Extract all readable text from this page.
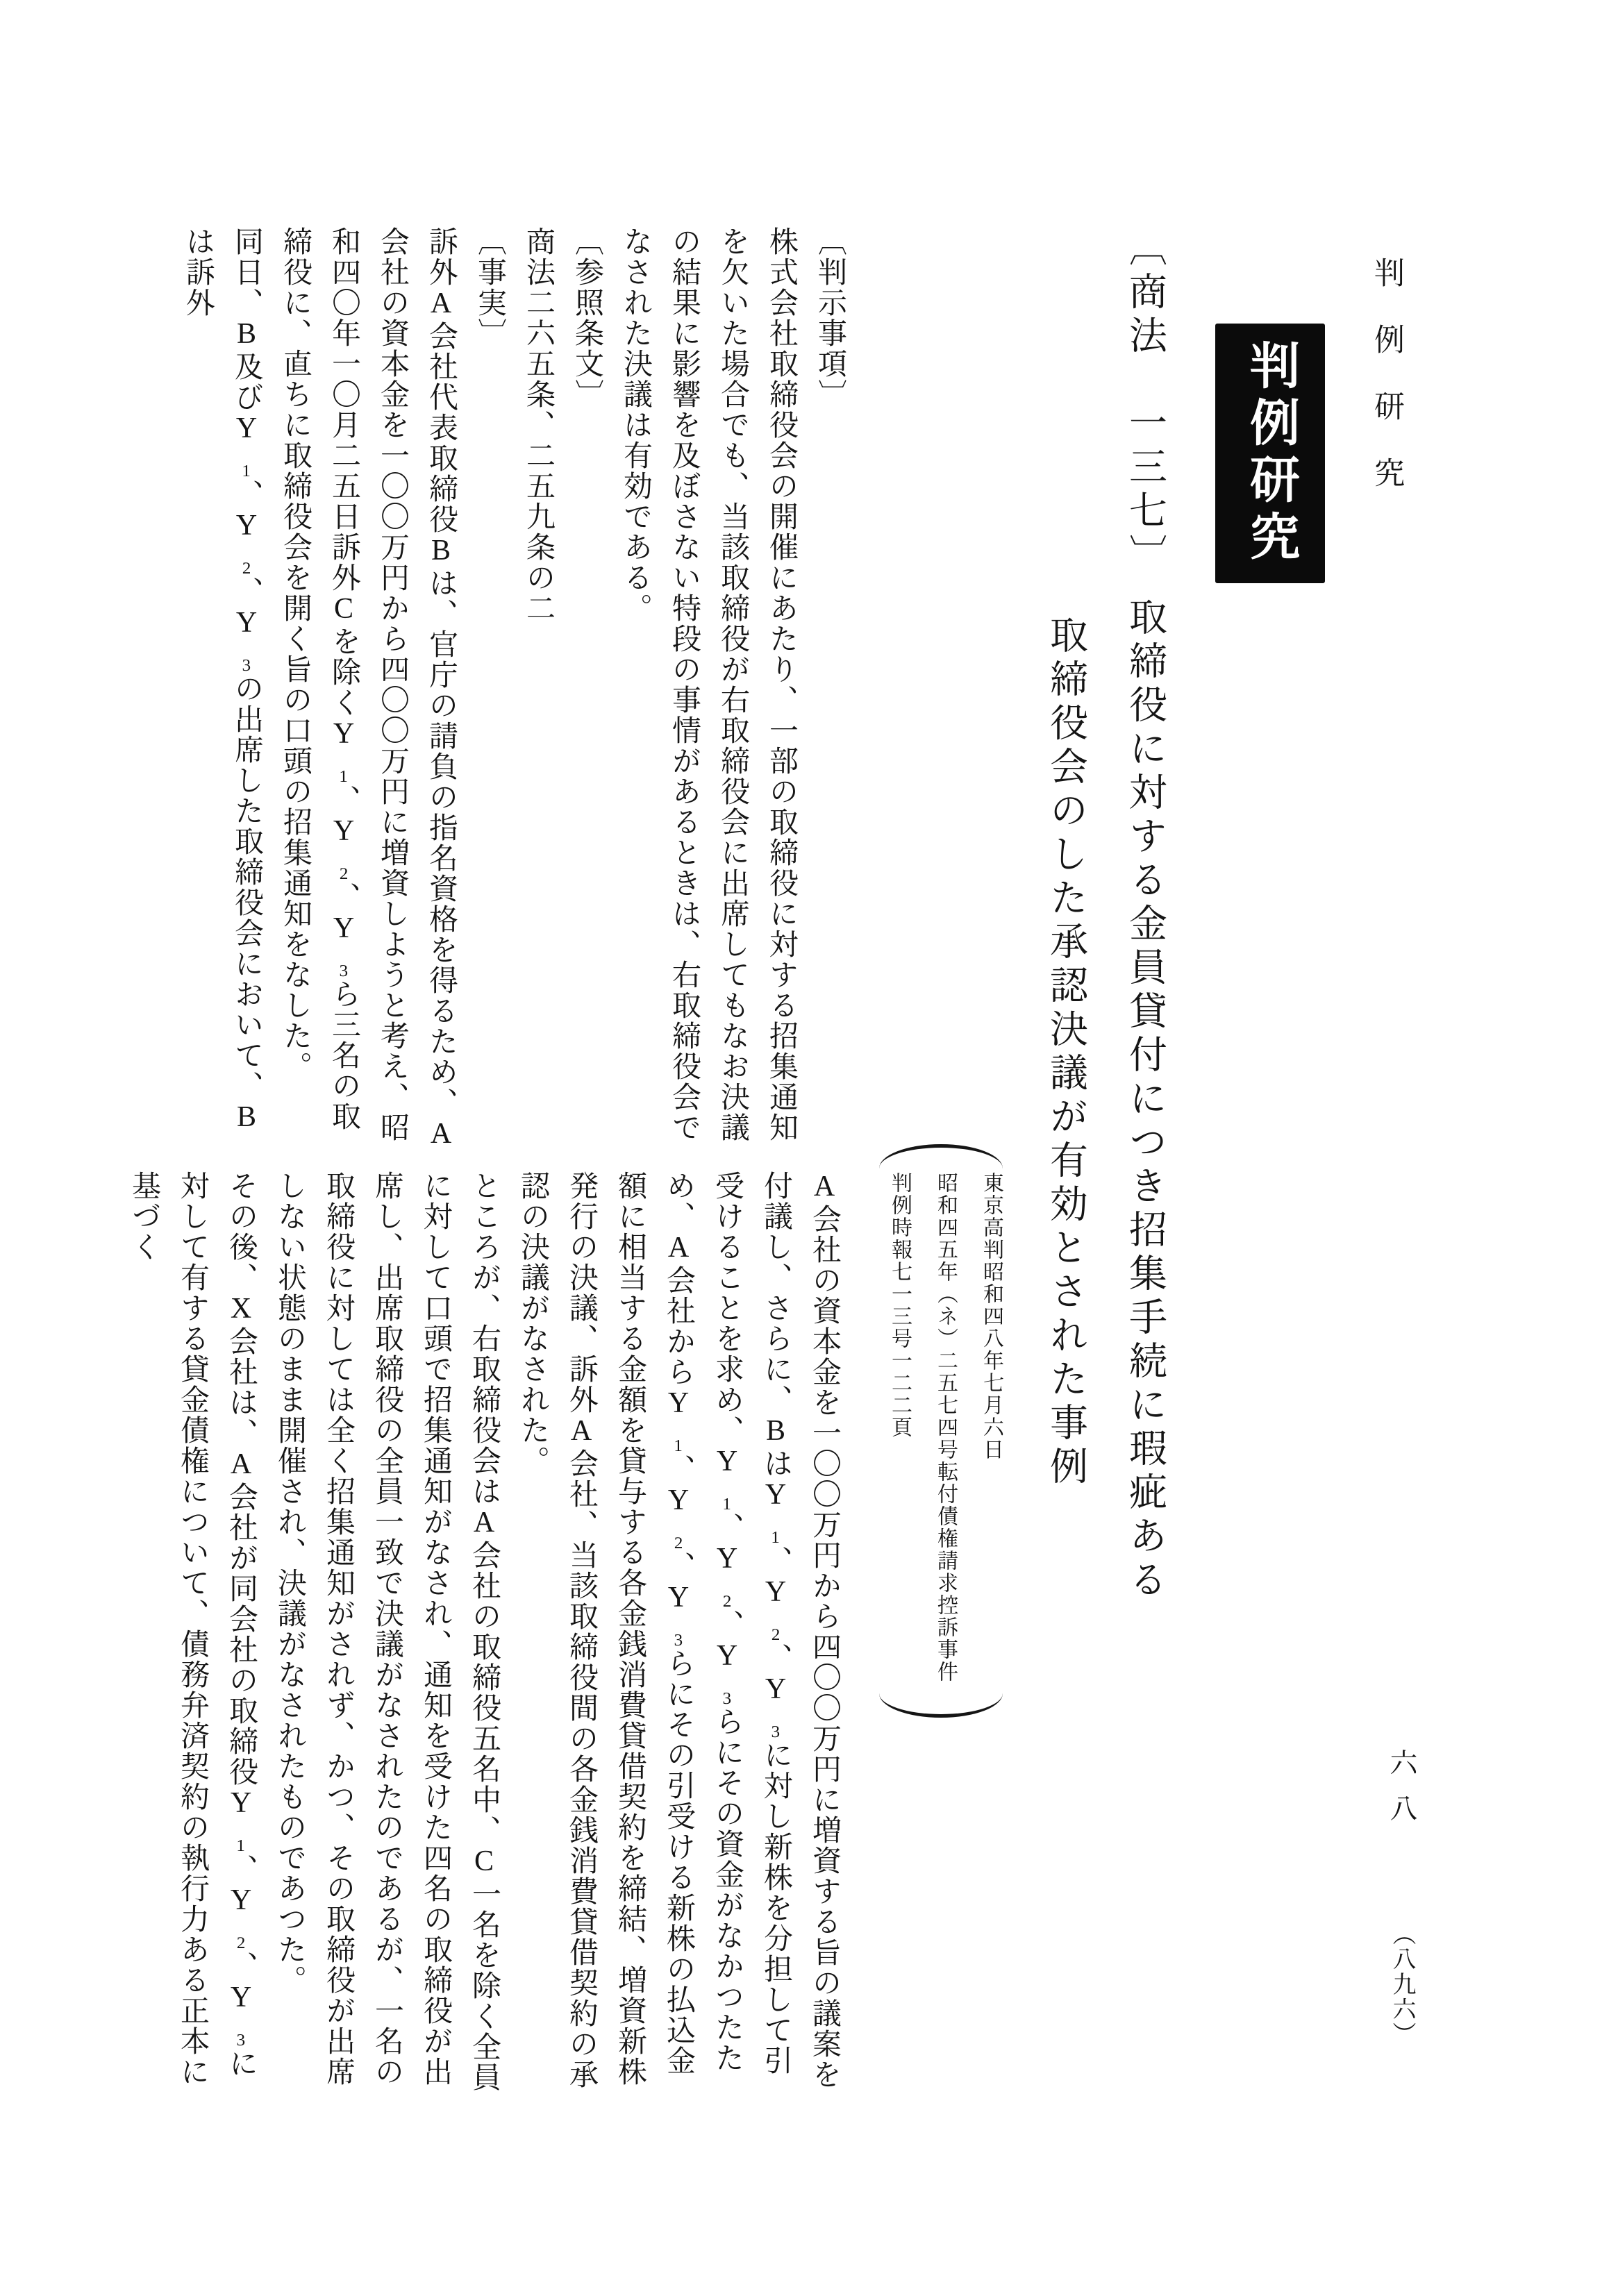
判例研究
判例研究
〔商法　一三七〕取締役に対する金員貸付につき招集手続に瑕疵ある
取締役会のした承認決議が有効とされた事例
東京高判昭和四八年七月六日
昭和四五年（ネ）二五七四号転付債権請求控訴事件
判例時報七一三号一二二頁

〔判示事項〕

株式会社取締役会の開催にあたり、一部の取締役に対する招集通知を欠いた場合でも、当該取締役が右取締役会に出席してもなお決議の結果に影響を及ぼさない特段の事情があるときは、右取締役会でなされた決議は有効である。

〔参照条文〕

商法二六五条、二五九条の二

〔事実〕

訴外A会社代表取締役Bは、官庁の請負の指名資格を得るため、A会社の資本金を一〇〇万円から四〇〇万円に増資しようと考え、昭和四〇年一〇月二五日訴外Cを除くY₁、Y₂、Y₃ら三名の取締役に、直ちに取締役会を開く旨の口頭の招集通知をなした。

同日、B及びY₁、Y₂、Y₃の出席した取締役会において、Bは訴外

A会社の資本金を一〇〇万円から四〇〇万円に増資する旨の議案を付議し、さらに、BはY₁、Y₂、Y₃に対し新株を分担して引受けることを求め、Y₁、Y₂、Y₃らにその資金がなかつたため、A会社からY₁、Y₂、Y₃らにその引受ける新株の払込金額に相当する金額を貸与する各金銭消費貸借契約を締結、増資新株発行の決議、訴外A会社、当該取締役間の各金銭消費貸借契約の承認の決議がなされた。

ところが、右取締役会はA会社の取締役五名中、C一名を除く全員に対して口頭で招集通知がなされ、通知を受けた四名の取締役が出席し、出席取締役の全員一致で決議がなされたのであるが、一名の取締役に対しては全く招集通知がされず、かつ、その取締役が出席しない状態のまま開催され、決議がなされたものであつた。

その後、X会社は、A会社が同会社の取締役Y₁、Y₂、Y₃に対して有する貸金債権について、債務弁済契約の執行力ある正本に基づく

六八（八九六）
